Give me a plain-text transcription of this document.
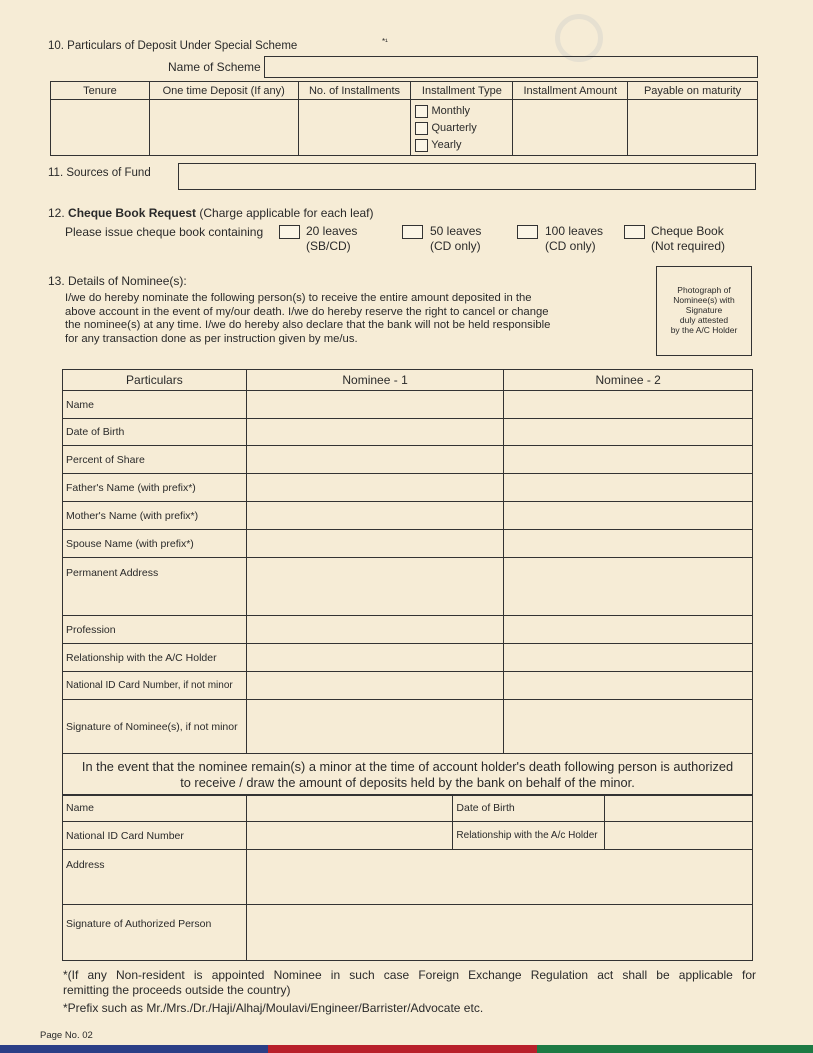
10. Particulars of Deposit Under Special Scheme	*¹
Name of Scheme
Tenure	One time Deposit (If any)	No. of Installments	Installment Type	Installment Amount	Payable on maturity

			Monthly
Quarterly
Yearly		

11. Sources of Fund
12. Cheque Book Request (Charge applicable for each leaf)
Please issue cheque book containing	20 leaves
(SB/CD)
50 leaves
(CD only)
100 leaves
(CD only)
Cheque Book
(Not required)
13. Details of Nominee(s):
I/we do hereby nominate the following person(s) to receive the entire amount deposited in the
above account in the event of my/our death. I/we do hereby reserve the right to cancel or change
the nominee(s) at any time. I/we do hereby also declare that the bank will not be held responsible
for any transaction done as per instruction given by me/us.
Photograph of
Nominee(s) with
Signature
duly attested
by the A/C Holder
Particulars	Nominee - 1	Nominee - 2
Name		
Date of Birth		
Percent of Share		
Father's Name (with prefix*)		
Mother's Name (with prefix*)		
Spouse Name (with prefix*)		
Permanent Address		
Profession		
Relationship with the A/C Holder		
National ID Card Number, if not minor		
Signature of Nominee(s), if not minor		

In the event that the nominee remain(s) a minor at the time of account holder's death following person is authorized
to receive / draw the amount of deposits held by the bank on behalf of the minor.		
Name		Date of Birth	
National ID Card Number		Relationship with the A/c Holder	
Address			
Signature of Authorized Person			
*(If any Non-resident is appointed Nominee in such case Foreign Exchange Regulation act shall be applicable for
remitting the proceeds outside the country)
*Prefix such as Mr./Mrs./Dr./Haji/Alhaj/Moulavi/Engineer/Barrister/Advocate etc.
Page No. 02
